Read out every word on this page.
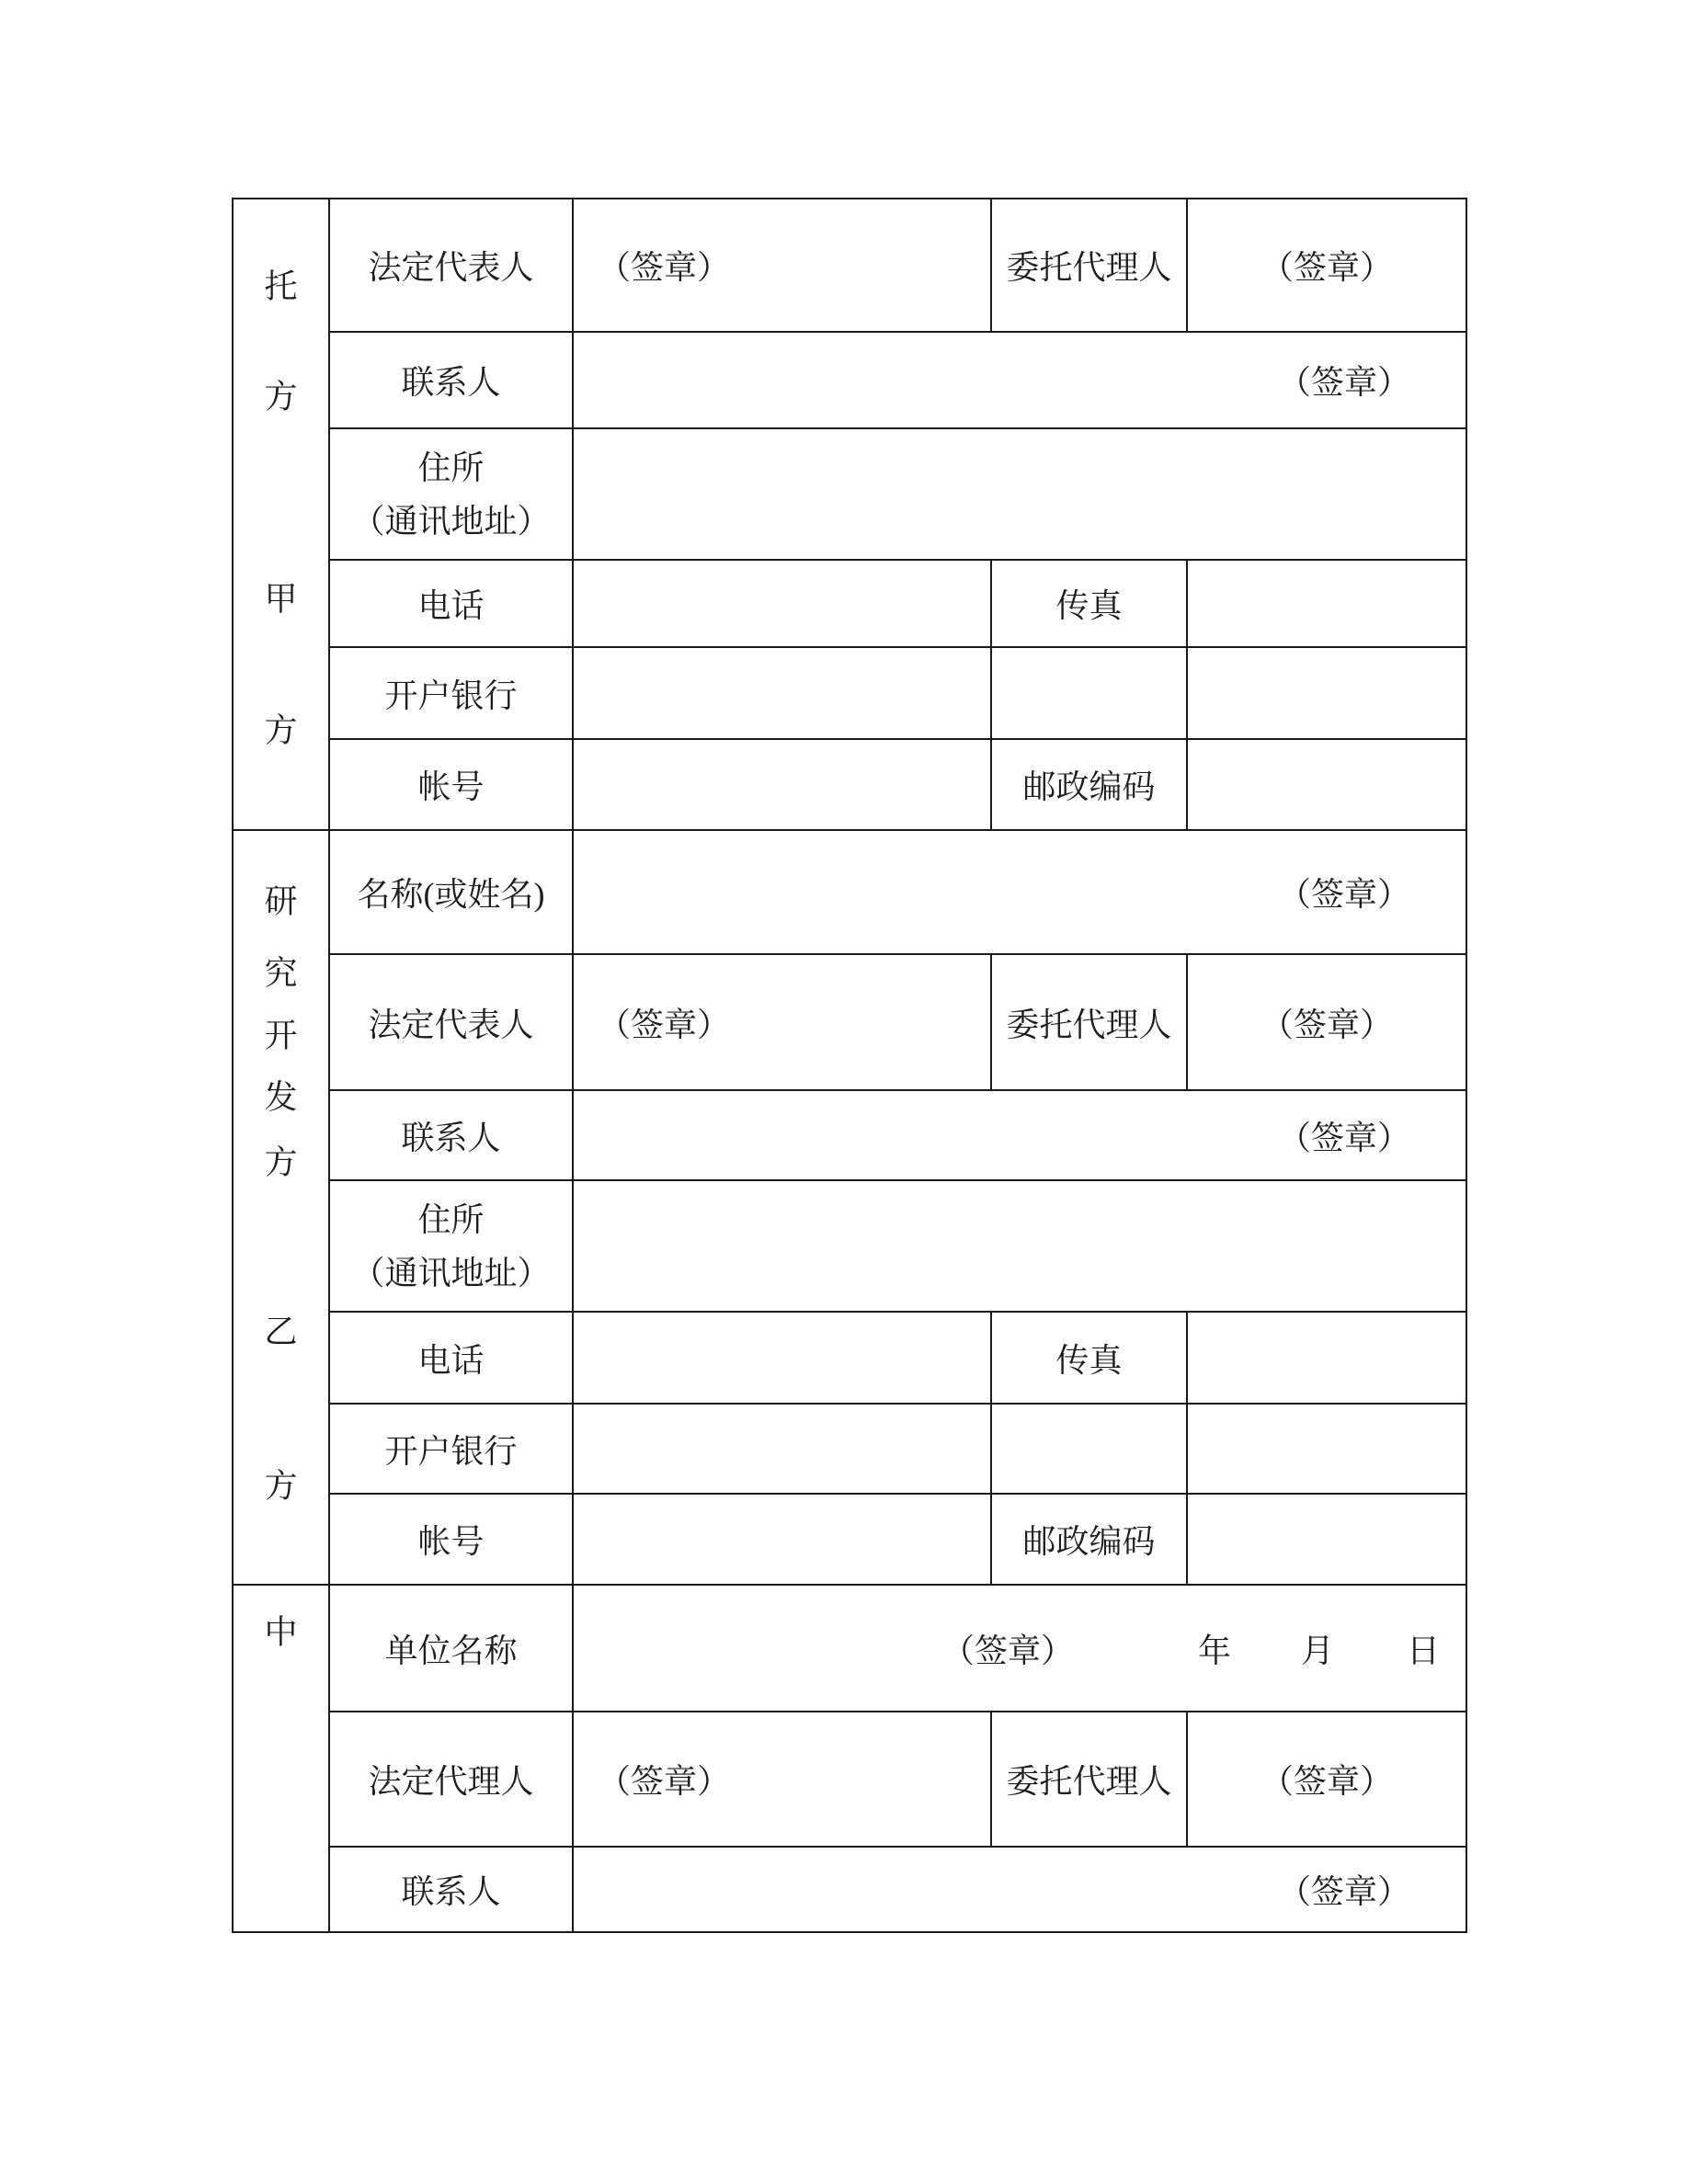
托
方
甲
方	法定代表人	（签章）	委托代理人	（签章）
	联系人	（签章）		

	住所
（通讯地址）			

	电话		传真	
	开户银行			
	帐号		邮政编码	

研
究
开
发
方
乙
方
	名称(或姓名)	（签章）
	法定代表人	（签章）	委托代理人	（签章）
	联系人	（签章）		

	住所
（通讯地址）			

	电话		传真	
	开户银行			
	帐号		邮政编码	

中	单位名称	（签章） 年 月 日		

	法定代理人	（签章）	委托代理人	（签章）
	联系人	（签章）		
